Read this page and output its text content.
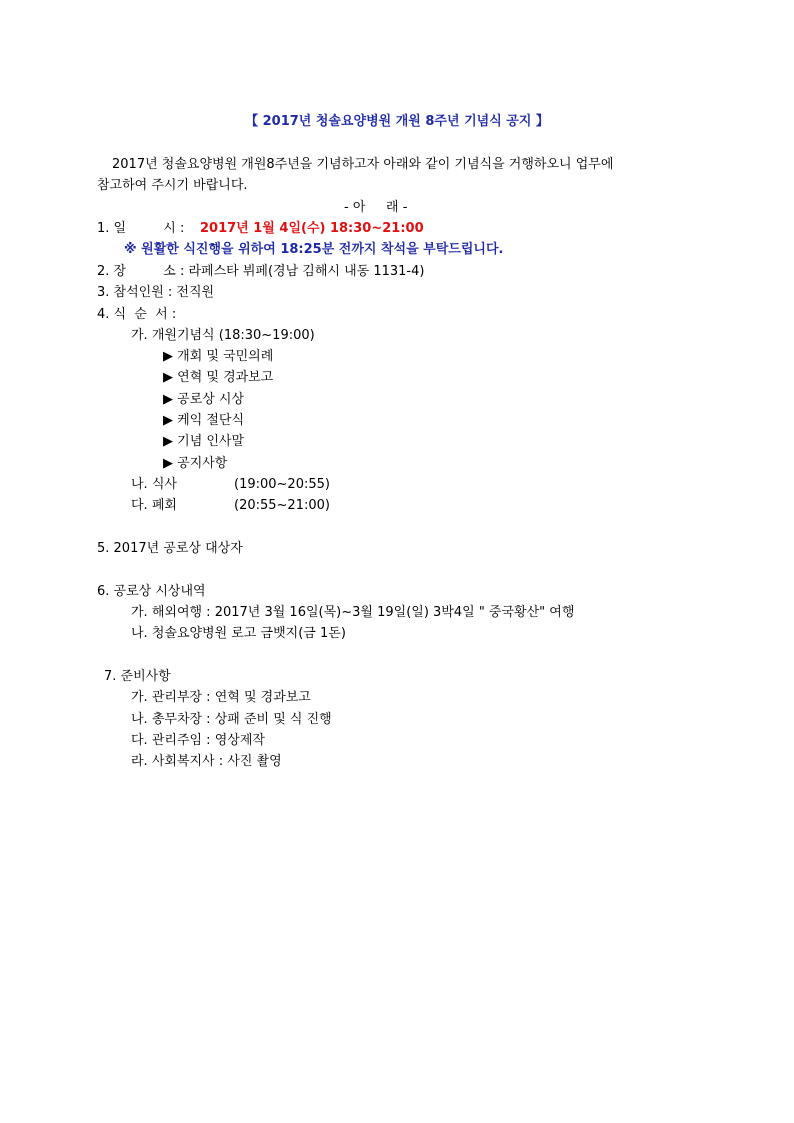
【 2017년 청솔요양병원 개원 8주년 기념식 공지 】
2017년 청솔요양병원 개원8주년을 기념하고자 아래와 같이 기념식을 거행하오니 업무에
참고하여 주시기 바랍니다.
- 아     래 -
1. 일         시 : 2017년 1월 4일(수) 18:30~21:00
※ 원활한 식진행을 위하여 18:25분 전까지 착석을 부탁드립니다.
2. 장         소 : 라페스타 뷔페(경남 김해시 내동 1131-4)
3. 참석인원 : 전직원
4. 식  순  서 :
가. 개원기념식 (18:30~19:00)
▶ 개회 및 국민의례
▶ 연혁 및 경과보고
▶ 공로상 시상
▶ 케익 절단식
▶ 기념 인사말
▶ 공지사항
나. 식사	(19:00~20:55)
다. 폐회	(20:55~21:00)
5. 2017년 공로상 대상자
6. 공로상 시상내역
가. 해외여행 : 2017년 3월 16일(목)~3월 19일(일) 3박4일 " 중국황산" 여행
나. 청솔요양병원 로고 금뱃지(금 1돈)
7. 준비사항
가. 관리부장 : 연혁 및 경과보고
나. 총무차장 : 상패 준비 및 식 진행
다. 관리주임 : 영상제작
라. 사회복지사 : 사진 촬영
